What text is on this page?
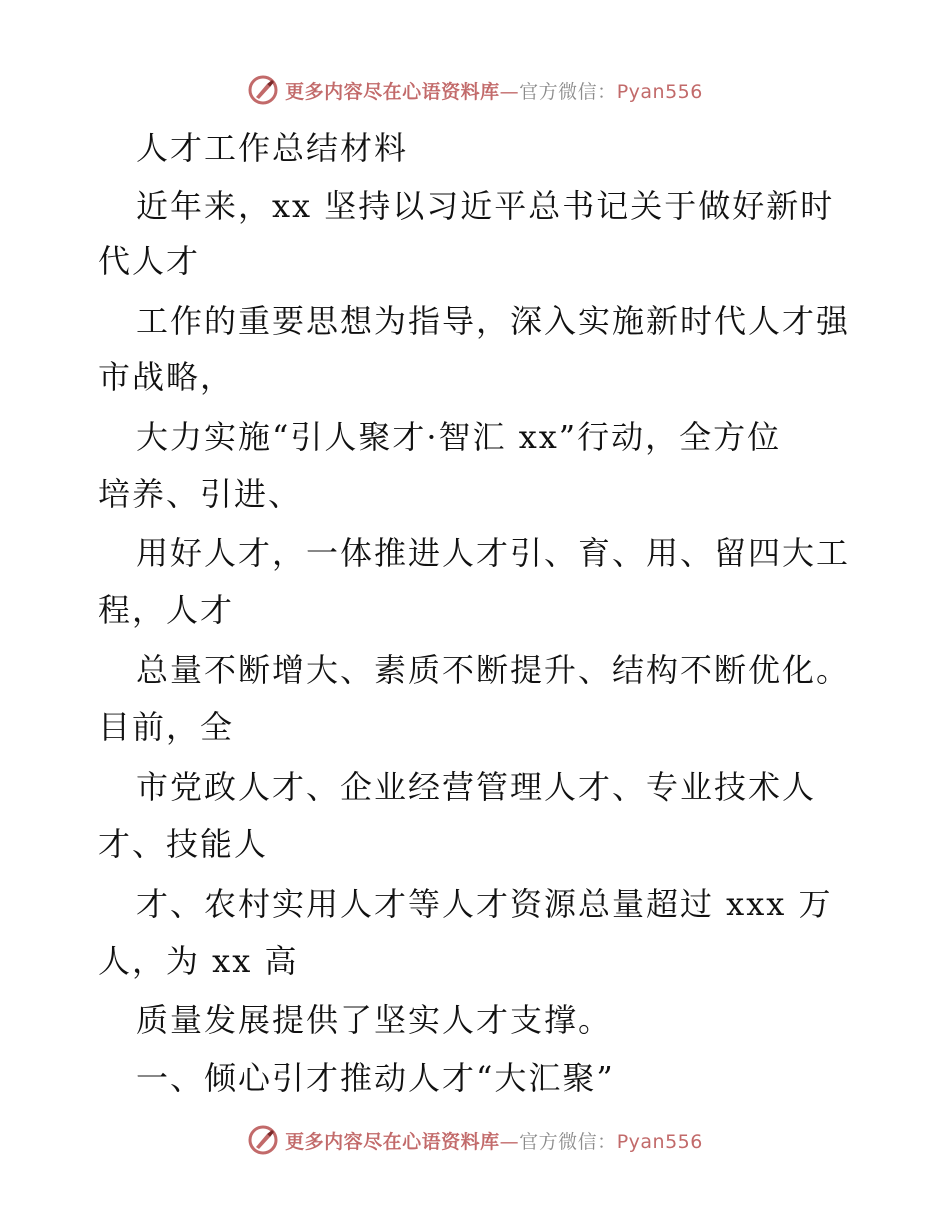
更多内容尽在心语资料库—官方微信：Pyan556
人才工作总结材料
近年来，xx 坚持以习近平总书记关于做好新时
代人才
工作的重要思想为指导，深入实施新时代人才强
市战略，
大力实施“引人聚才·智汇 xx”行动，全方位
培养、引进、
用好人才，一体推进人才引、育、用、留四大工
程，人才
总量不断增大、素质不断提升、结构不断优化。
目前，全
市党政人才、企业经营管理人才、专业技术人
才、技能人
才、农村实用人才等人才资源总量超过 xxx 万
人，为 xx 高
质量发展提供了坚实人才支撑。
一、倾心引才推动人才“大汇聚”
更多内容尽在心语资料库—官方微信：Pyan556
